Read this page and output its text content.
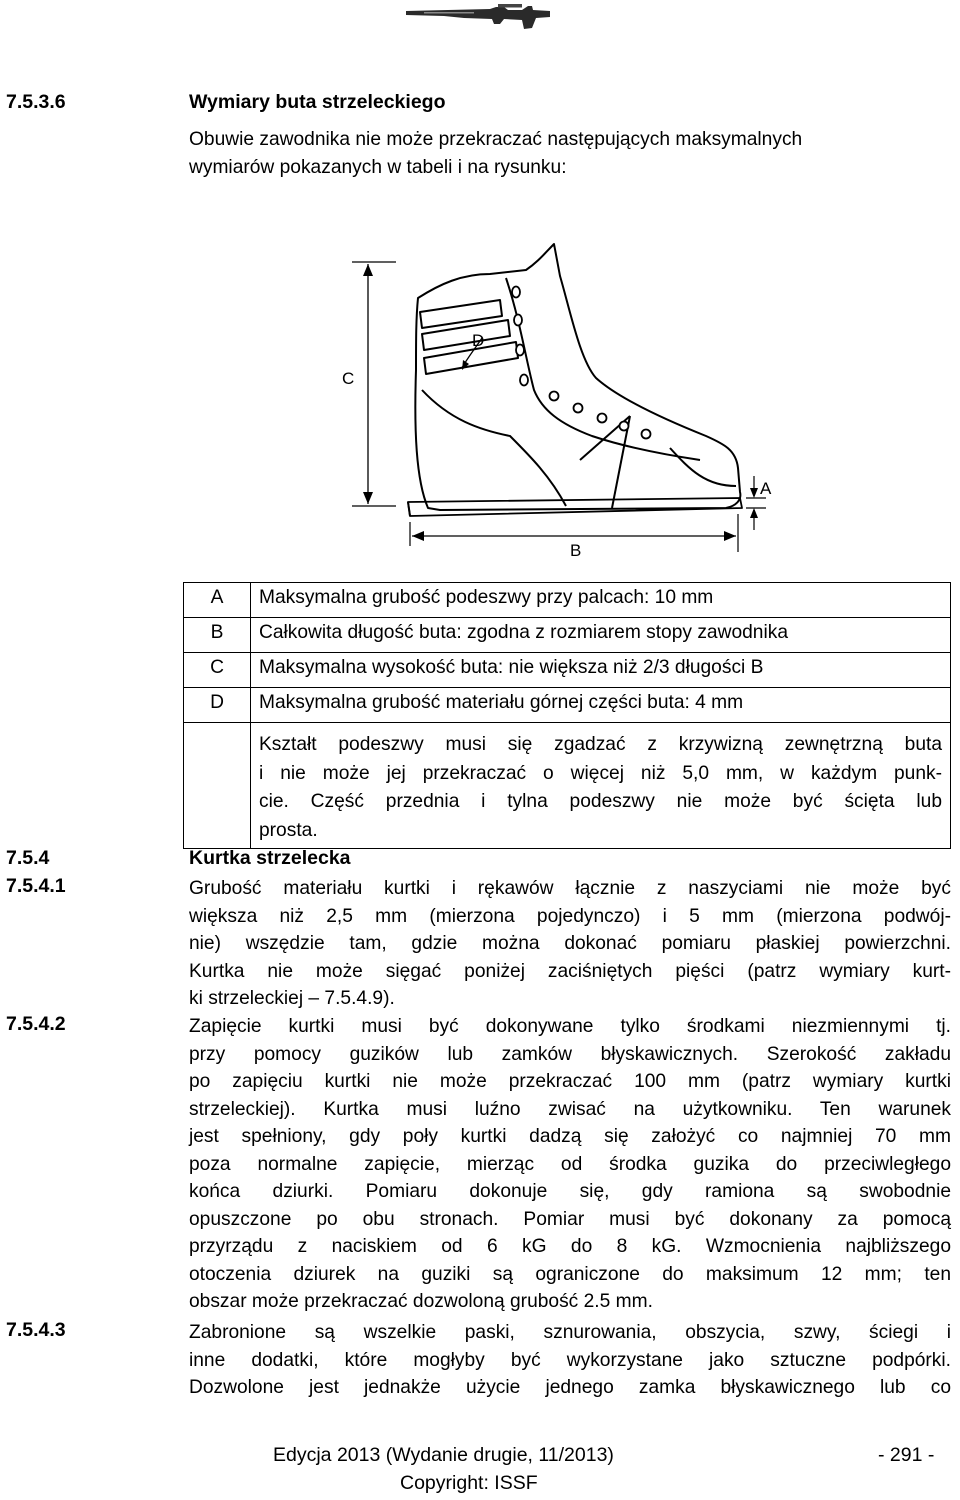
7.5.3.6	Wymiary buta strzeleckiego
Obuwie zawodnika nie może przekraczać następujących maksymalnych
wymiarów pokazanych w tabeli i na rysunku:
C
D
B
A
A	Maksymalna grubość podeszwy przy palcach: 10 mm
B	Całkowita długość buta: zgodna z rozmiarem stopy zawodnika
C	Maksymalna wysokość buta: nie większa niż 2/3 długości B
D	Maksymalna grubość materiału górnej części buta: 4 mm

	Kształt podeszwy musi się zgadzać z krzywizną zewnętrzną buta
i nie może jej przekraczać o więcej niż 5,0 mm, w każdym punk-
cie. Część przednia i tylna podeszwy nie może być ścięta lub
prosta.
7.5.4	Kurtka strzelecka
7.5.4.1	Grubość materiału kurtki i rękawów łącznie z naszyciami nie może być
większa niż 2,5 mm (mierzona pojedynczo) i 5 mm (mierzona podwój-
nie) wszędzie tam, gdzie można dokonać pomiaru płaskiej powierzchni.
Kurtka nie może sięgać poniżej zaciśniętych pięści (patrz wymiary kurt-
ki strzeleckiej – 7.5.4.9).
7.5.4.2	Zapięcie kurtki musi być dokonywane tylko środkami niezmiennymi tj.
przy pomocy guzików lub zamków błyskawicznych. Szerokość zakładu
po zapięciu kurtki nie może przekraczać 100 mm (patrz wymiary kurtki
strzeleckiej). Kurtka musi luźno zwisać na użytkowniku. Ten warunek
jest spełniony, gdy poły kurtki dadzą się założyć co najmniej 70 mm
poza normalne zapięcie, mierząc od środka guzika do przeciwległego
końca dziurki. Pomiaru dokonuje się, gdy ramiona są swobodnie
opuszczone po obu stronach. Pomiar musi być dokonany za pomocą
przyrządu z naciskiem od 6 kG do 8 kG. Wzmocnienia najbliższego
otoczenia dziurek na guziki są ograniczone do maksimum 12 mm; ten
obszar może przekraczać dozwoloną grubość 2.5 mm.
7.5.4.3	Zabronione są wszelkie paski, sznurowania, obszycia, szwy, ściegi i
inne dodatki, które mogłyby być wykorzystane jako sztuczne podpórki.
Dozwolone jest jednakże użycie jednego zamka błyskawicznego lub co
Edycja 2013 (Wydanie drugie, 11/2013)	- 291 -
Copyright: ISSF
